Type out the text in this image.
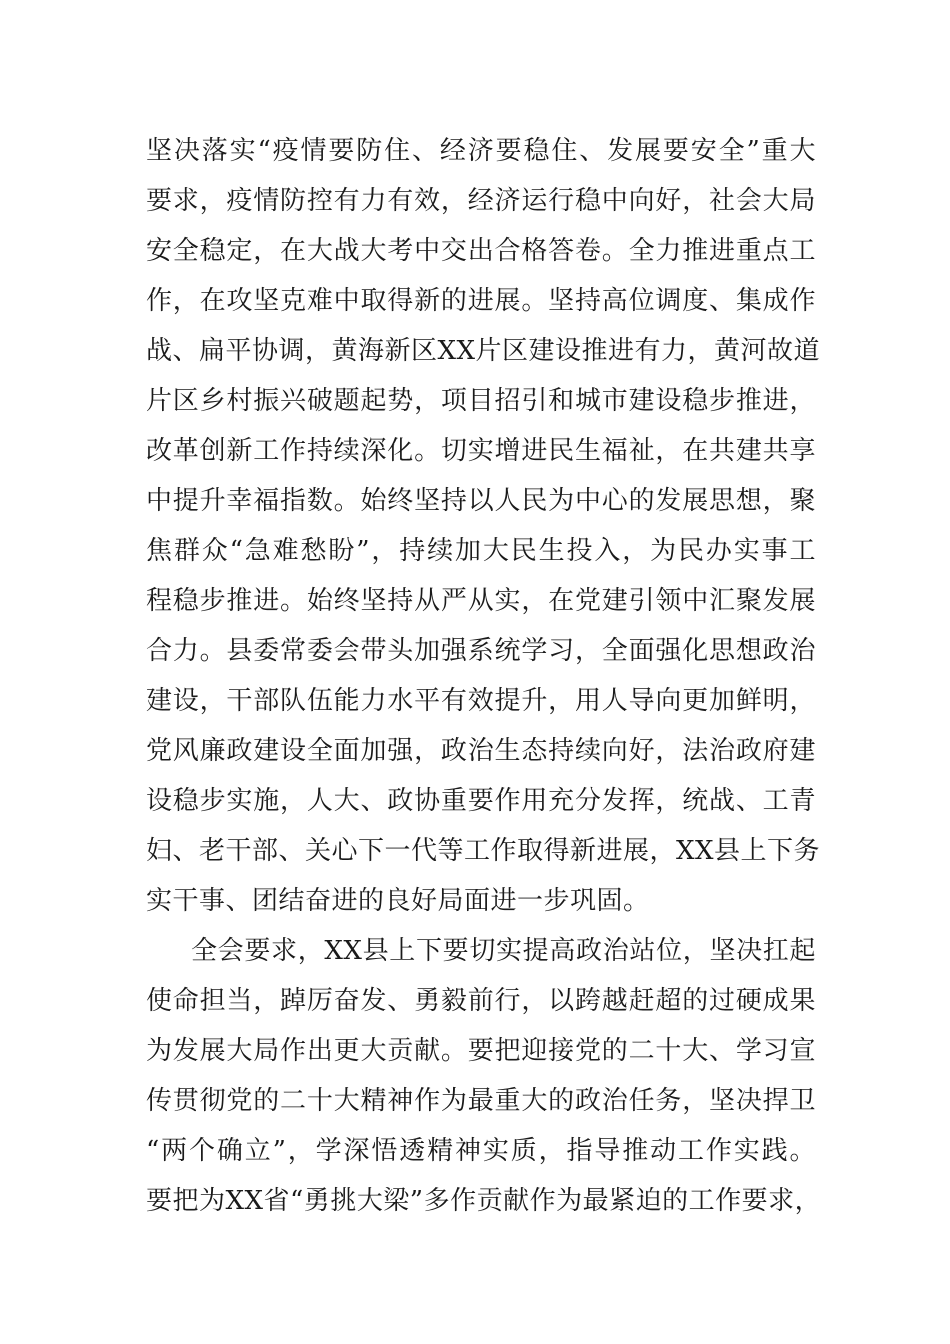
坚决落实“疫情要防住、经济要稳住、发展要安全”重大
要求，疫情防控有力有效，经济运行稳中向好，社会大局
安全稳定，在大战大考中交出合格答卷。全力推进重点工
作，在攻坚克难中取得新的进展。坚持高位调度、集成作
战、扁平协调，黄海新区XX片区建设推进有力，黄河故道
片区乡村振兴破题起势，项目招引和城市建设稳步推进，
改革创新工作持续深化。切实增进民生福祉，在共建共享
中提升幸福指数。始终坚持以人民为中心的发展思想，聚
焦群众“急难愁盼”，持续加大民生投入，为民办实事工
程稳步推进。始终坚持从严从实，在党建引领中汇聚发展
合力。县委常委会带头加强系统学习，全面强化思想政治
建设，干部队伍能力水平有效提升，用人导向更加鲜明，
党风廉政建设全面加强，政治生态持续向好，法治政府建
设稳步实施，人大、政协重要作用充分发挥，统战、工青
妇、老干部、关心下一代等工作取得新进展，XX县上下务
实干事、团结奋进的良好局面进一步巩固。
全会要求，XX县上下要切实提高政治站位，坚决扛起
使命担当，踔厉奋发、勇毅前行，以跨越赶超的过硬成果
为发展大局作出更大贡献。要把迎接党的二十大、学习宣
传贯彻党的二十大精神作为最重大的政治任务，坚决捍卫
“两个确立”，学深悟透精神实质，指导推动工作实践。
要把为XX省“勇挑大梁”多作贡献作为最紧迫的工作要求，
